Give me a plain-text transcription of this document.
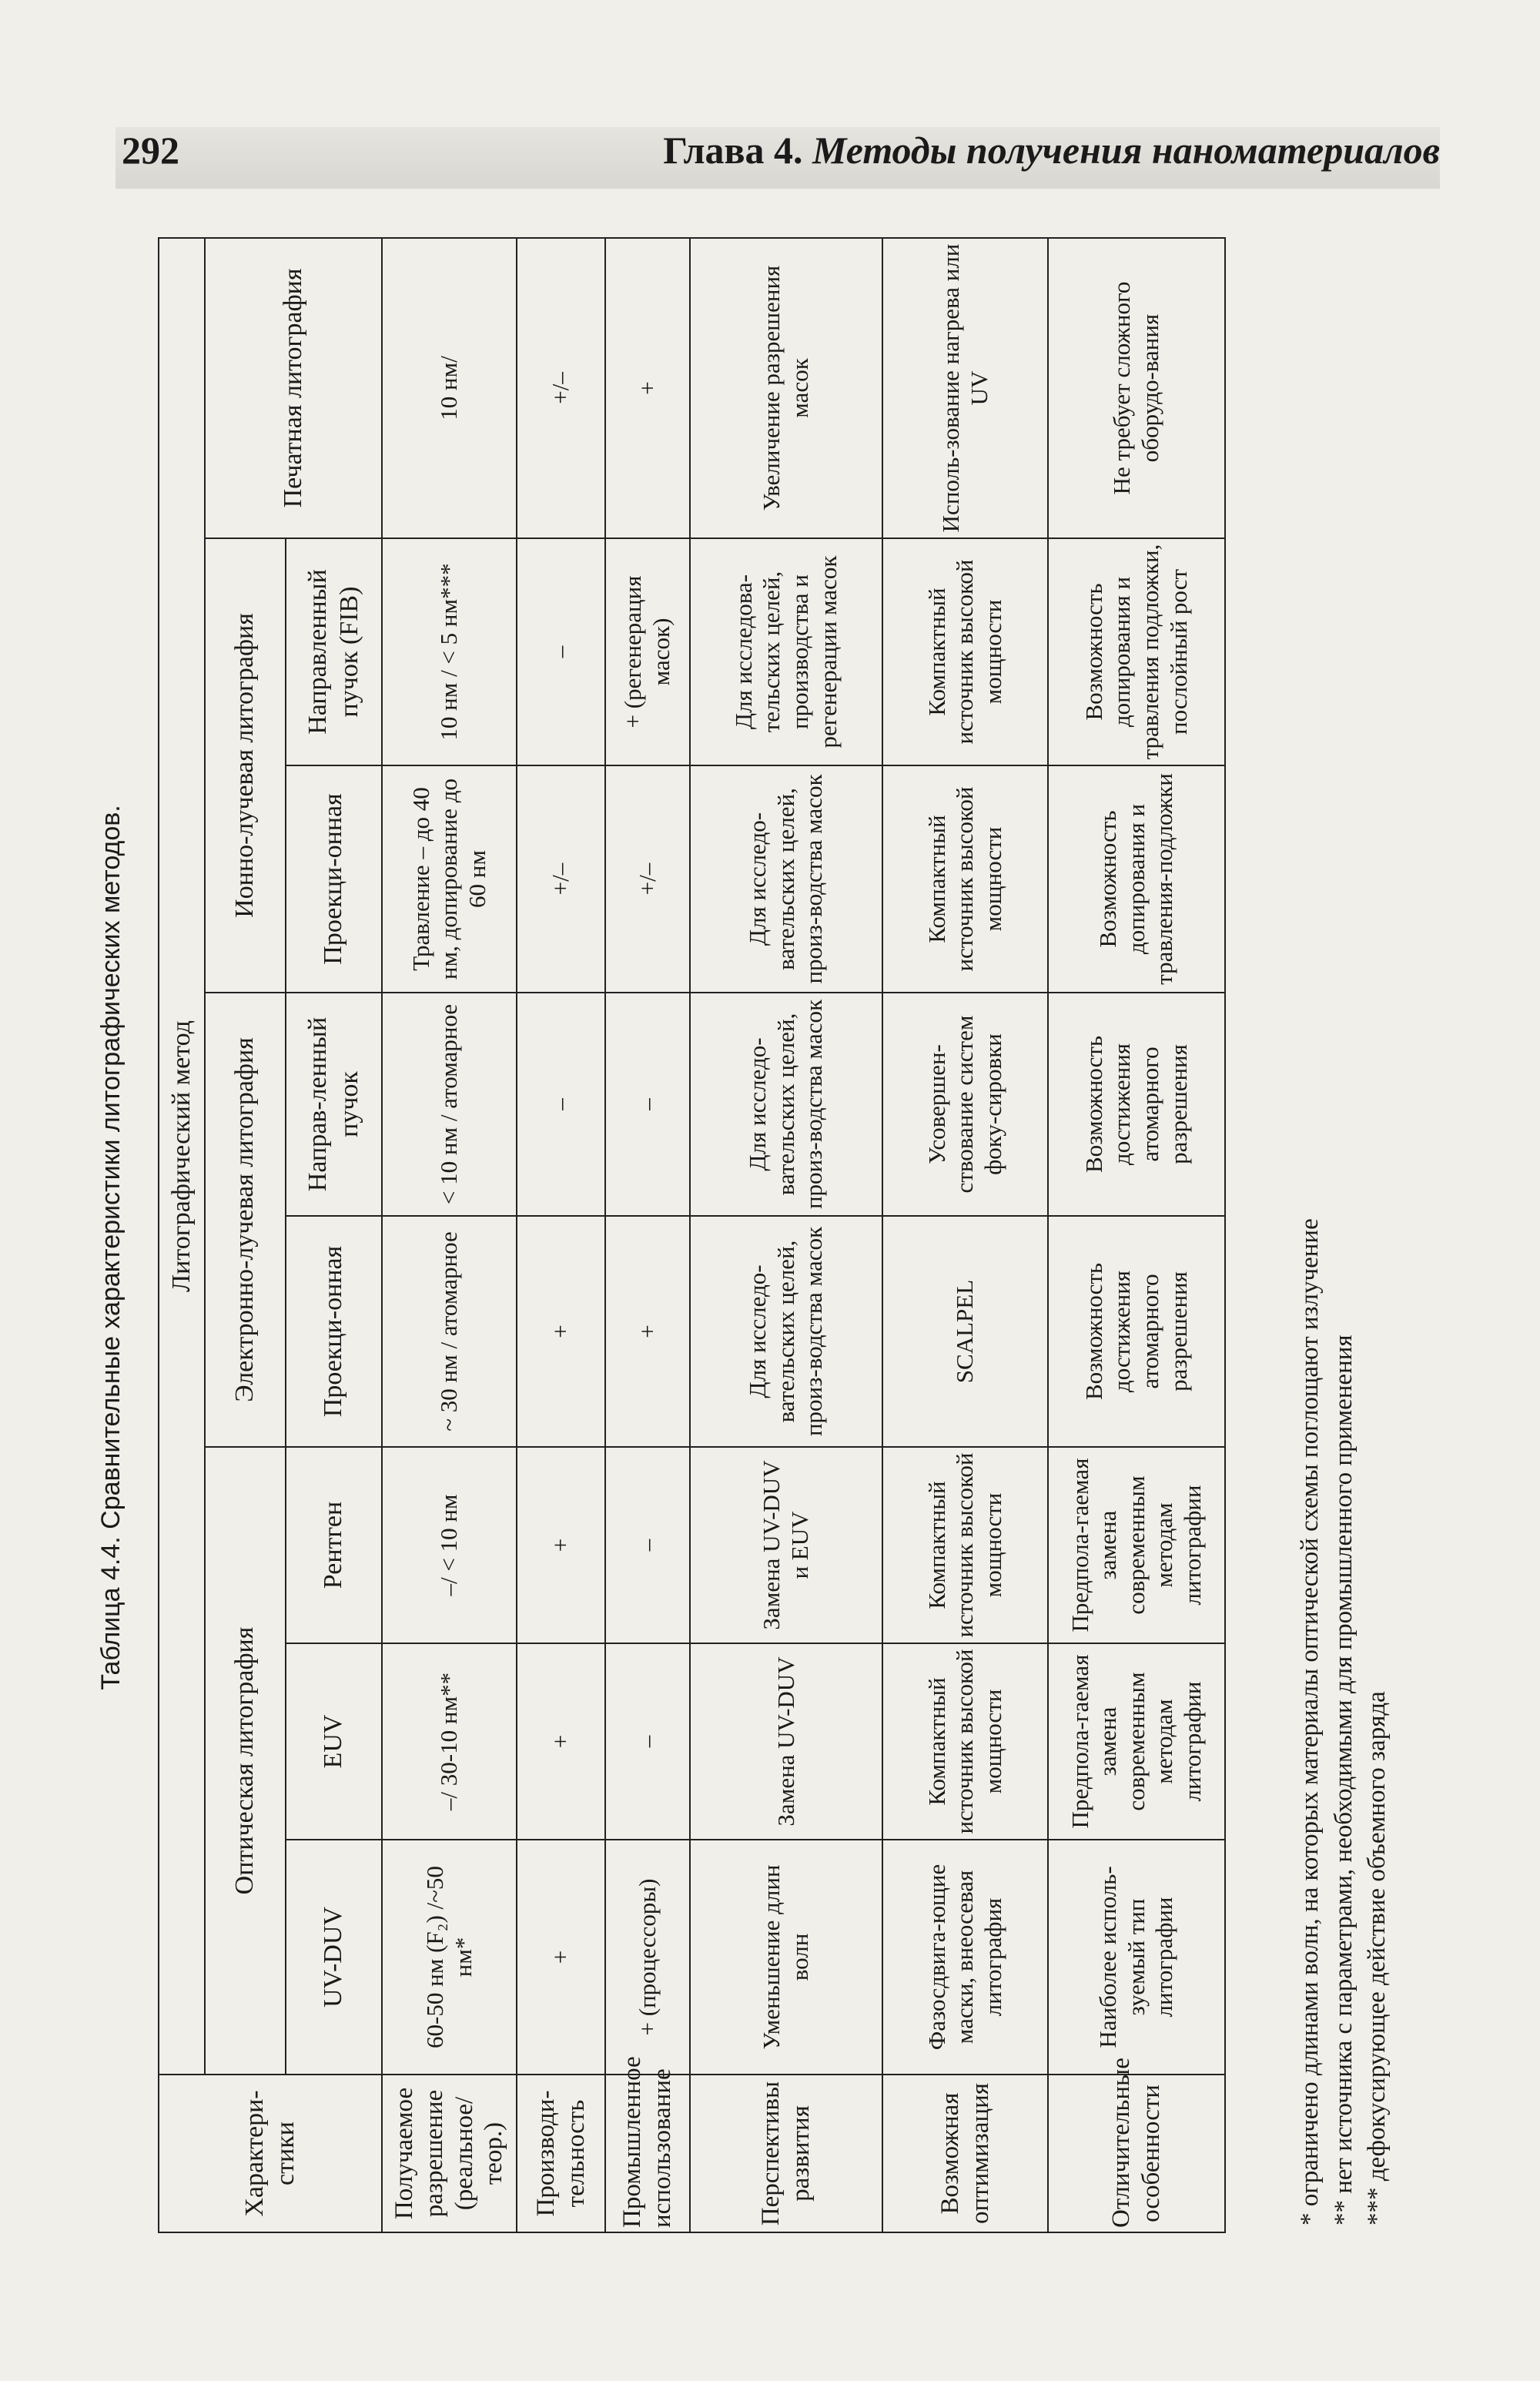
292	Глава 4. Методы получения наноматериалов
Таблица 4.4. Сравнительные характеристики литографических методов.
Характери-стики	Литографический метод							
	Оптическая литография			Электронно-лучевая литография		Ионно-лучевая литография		Печатная литография
	UV-DUV	EUV	Рентген	Проекци-онная	Направ-ленный пучок	Проекци-онная	Направленный пучок (FIB)	
Получаемое разрешение (реальное/ теор.)	60-50 нм (F₂) /~50 нм*	–/ 30-10 нм**	–/ < 10 нм	~ 30 нм / атомарное	< 10 нм / атомарное	Травление – до 40 нм, допирование до 60 нм	10 нм / < 5 нм***	10 нм/
Производи-тельность	+	+	+	+	–	+/–	–	+/–
Промышленное использование	+ (процессоры)	–	–	+	–	+/–	+ (регенерация масок)	+
Перспективы развития	Уменьшение длин волн	Замена UV-DUV	Замена UV-DUV и EUV	Для исследо-вательских целей, произ-водства масок	Для исследо-вательских целей, произ-водства масок	Для исследо-вательских целей, произ-водства масок	Для исследова-тельских целей, производства и регенерации масок	Увеличение разрешения масок
Возможная оптимизация	Фазосдвига-ющие маски, внеосевая литография	Компактный источник высокой мощности	Компактный источник высокой мощности	SCALPEL	Усовершен-ствование систем фоку-сировки	Компактный источник высокой мощности	Компактный источник высокой мощности	Исполь-зование нагрева или UV
Отличительные особенности	Наиболее исполь-зуемый тип литографии	Предпола-гаемая замена современным методам литографии	Предпола-гаемая замена современным методам литографии	Возможность достижения атомарного разрешения	Возможность достижения атомарного разрешения	Возможность допирования и травления-подложки	Возможность допирования и травления подложки, послойный рост	Не требует сложного оборудо-вания
* ограничено длинами волн, на которых материалы оптической схемы поглощают излучение ** нет источника с параметрами, необходимыми для промышленного применения *** дефокусирующее действие объемного заряда
